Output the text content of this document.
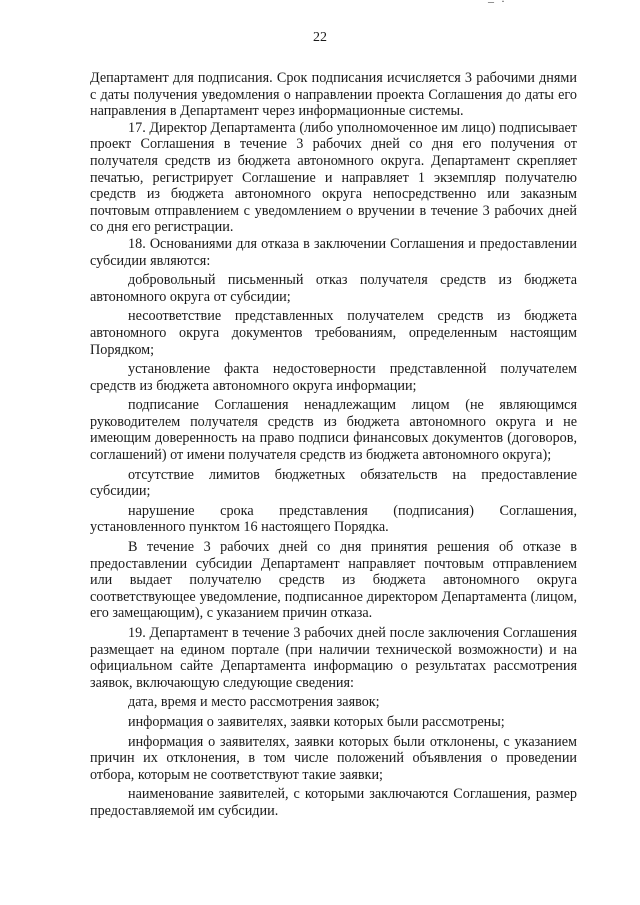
– ·
22

Департамент для подписания. Срок подписания исчисляется 3 рабочими днями с даты получения уведомления о направлении проекта Соглашения до даты его направления в Департамент через информационные системы.

17. Директор Департамента (либо уполномоченное им лицо) подписывает проект Соглашения в течение 3 рабочих дней со дня его получения от получателя средств из бюджета автономного округа. Департамент скрепляет печатью, регистрирует Соглашение и направляет 1 экземпляр получателю средств из бюджета автономного округа непосредственно или заказным почтовым отправлением с уведомлением о вручении в течение 3 рабочих дней со дня его регистрации.

18. Основаниями для отказа в заключении Соглашения и предоставлении субсидии являются:

добровольный письменный отказ получателя средств из бюджета автономного округа от субсидии;

несоответствие представленных получателем средств из бюджета автономного округа документов требованиям, определенным настоящим Порядком;

установление факта недостоверности представленной получателем средств из бюджета автономного округа информации;

подписание Соглашения ненадлежащим лицом (не являющимся руководителем получателя средств из бюджета автономного округа и не имеющим доверенность на право подписи финансовых документов (договоров, соглашений) от имени получателя средств из бюджета автономного округа);

отсутствие лимитов бюджетных обязательств на предоставление субсидии;

нарушение срока представления (подписания) Соглашения, установленного пунктом 16 настоящего Порядка.

В течение 3 рабочих дней со дня принятия решения об отказе в предоставлении субсидии Департамент направляет почтовым отправлением или выдает получателю средств из бюджета автономного округа соответствующее уведомление, подписанное директором Департамента (лицом, его замещающим), с указанием причин отказа.

19. Департамент в течение 3 рабочих дней после заключения Соглашения размещает на едином портале (при наличии технической возможности) и на официальном сайте Департамента информацию о результатах рассмотрения заявок, включающую следующие сведения:

дата, время и место рассмотрения заявок;

информация о заявителях, заявки которых были рассмотрены;

информация о заявителях, заявки которых были отклонены, с указанием причин их отклонения, в том числе положений объявления о проведении отбора, которым не соответствуют такие заявки;

наименование заявителей, с которыми заключаются Соглашения, размер предоставляемой им субсидии.
